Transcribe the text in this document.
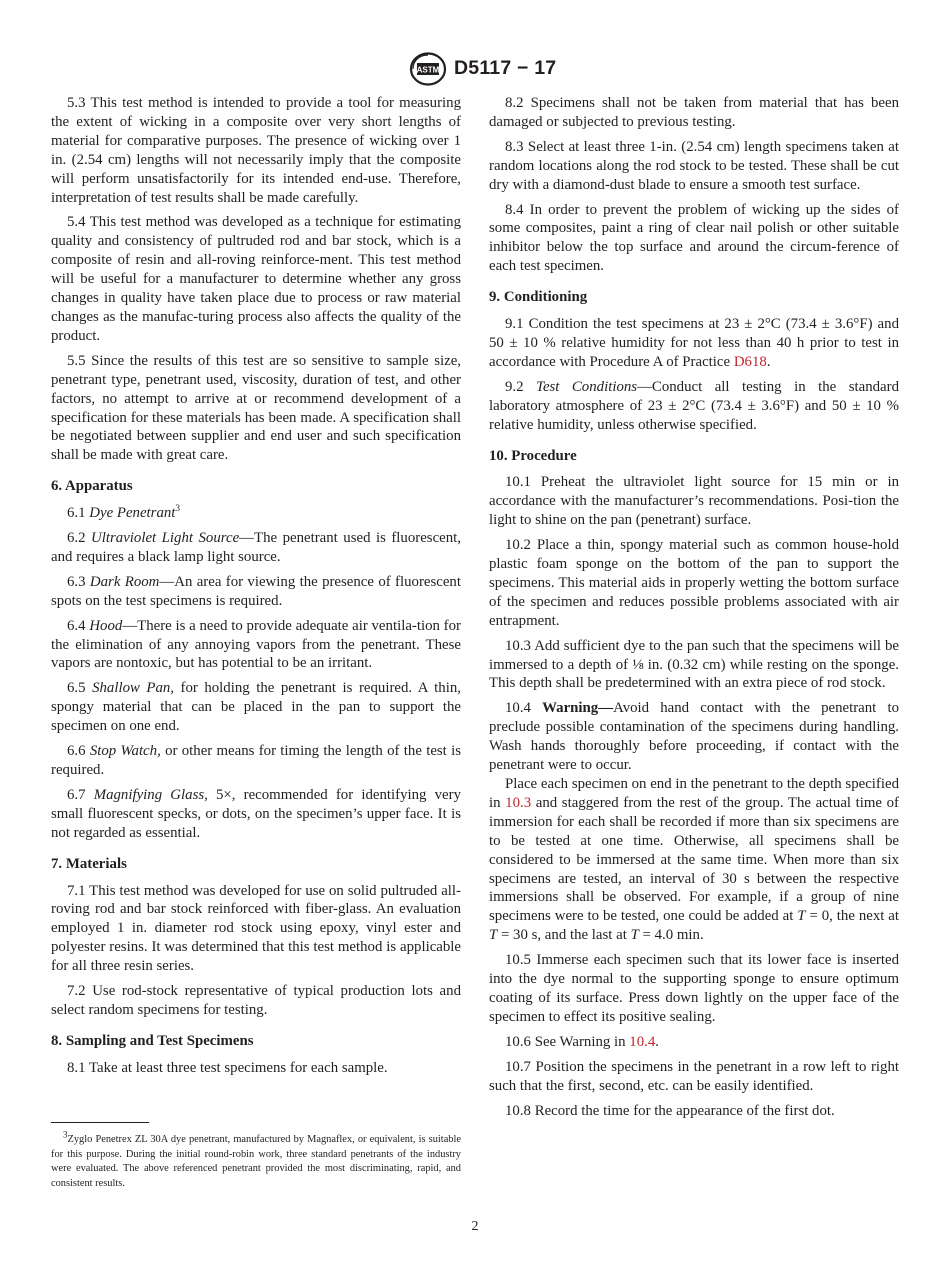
ASTM D5117 − 17

5.3 This test method is intended to provide a tool for measuring the extent of wicking in a composite over very short lengths of material for comparative purposes. The presence of wicking over 1 in. (2.54 cm) lengths will not necessarily imply that the composite will perform unsatisfactorily for its intended end-use. Therefore, interpretation of test results shall be made carefully.

5.4 This test method was developed as a technique for estimating quality and consistency of pultruded rod and bar stock, which is a composite of resin and all-roving reinforce-ment. This test method will be useful for a manufacturer to determine whether any gross changes in quality have taken place due to process or raw material changes as the manufac-turing process also affects the quality of the product.

5.5 Since the results of this test are so sensitive to sample size, penetrant type, penetrant used, viscosity, duration of test, and other factors, no attempt to arrive at or recommend development of a specification for these materials has been made. A specification shall be negotiated between supplier and end user and such specification shall be made with great care.

6. Apparatus

6.1 Dye Penetrant$^3$

6.2 Ultraviolet Light Source—The penetrant used is fluorescent, and requires a black lamp light source.

6.3 Dark Room—An area for viewing the presence of fluorescent spots on the test specimens is required.

6.4 Hood—There is a need to provide adequate air ventila-tion for the elimination of any annoying vapors from the penetrant. These vapors are nontoxic, but has potential to be an irritant.

6.5 Shallow Pan, for holding the penetrant is required. A thin, spongy material that can be placed in the pan to support the specimen on one end.

6.6 Stop Watch, or other means for timing the length of the test is required.

6.7 Magnifying Glass, 5×, recommended for identifying very small fluorescent specks, or dots, on the specimen’s upper face. It is not regarded as essential.

7. Materials

7.1 This test method was developed for use on solid pultruded all-roving rod and bar stock reinforced with fiber-glass. An evaluation employed 1 in. diameter rod stock using epoxy, vinyl ester and polyester resins. It was determined that this test method is applicable for all three resin series.

7.2 Use rod-stock representative of typical production lots and select random specimens for testing.

8. Sampling and Test Specimens

8.1 Take at least three test specimens for each sample.

3Zyglo Penetrex ZL 30A dye penetrant, manufactured by Magnaflex, or equivalent, is suitable for this purpose. During the initial round-robin work, three standard penetrants of the industry were evaluated. The above referenced penetrant provided the most discriminating, rapid, and consistent results.

8.2 Specimens shall not be taken from material that has been damaged or subjected to previous testing.

8.3 Select at least three 1-in. (2.54 cm) length specimens taken at random locations along the rod stock to be tested. These shall be cut dry with a diamond-dust blade to ensure a smooth test surface.

8.4 In order to prevent the problem of wicking up the sides of some composites, paint a ring of clear nail polish or other suitable inhibitor below the top surface and around the circum-ference of each test specimen.

9. Conditioning

9.1 Condition the test specimens at 23 ± 2°C (73.4 ± 3.6°F) and 50 ± 10 % relative humidity for not less than 40 h prior to test in accordance with Procedure A of Practice D618.

9.2 Test Conditions—Conduct all testing in the standard laboratory atmosphere of 23 ± 2°C (73.4 ± 3.6°F) and 50 ± 10 % relative humidity, unless otherwise specified.

10. Procedure

10.1 Preheat the ultraviolet light source for 15 min or in accordance with the manufacturer’s recommendations. Posi-tion the light to shine on the pan (penetrant) surface.

10.2 Place a thin, spongy material such as common house-hold plastic foam sponge on the bottom of the pan to support the specimens. This material aids in properly wetting the bottom surface of the specimen and reduces possible problems associated with air entrapment.

10.3 Add sufficient dye to the pan such that the specimens will be immersed to a depth of ⅛ in. (0.32 cm) while resting on the sponge. This depth shall be predetermined with an extra piece of rod stock.

10.4 Warning—Avoid hand contact with the penetrant to preclude possible contamination of the specimens during handling. Wash hands thoroughly before proceeding, if contact with the penetrant were to occur.

Place each specimen on end in the penetrant to the depth specified in 10.3 and staggered from the rest of the group. The actual time of immersion for each shall be recorded if more than six specimens are to be tested at one time. Otherwise, all specimens shall be considered to be immersed at the same time. When more than six specimens are tested, an interval of 30 s between the respective immersions shall be observed. For example, if a group of nine specimens were to be tested, one could be added at T = 0, the next at T = 30 s, and the last at T = 4.0 min.

10.5 Immerse each specimen such that its lower face is inserted into the dye normal to the supporting sponge to ensure optimum coating of its surface. Press down lightly on the upper face of the specimen to effect its positive sealing.

10.6 See Warning in 10.4.

10.7 Position the specimens in the penetrant in a row left to right such that the first, second, etc. can be easily identified.

10.8 Record the time for the appearance of the first dot.

2
